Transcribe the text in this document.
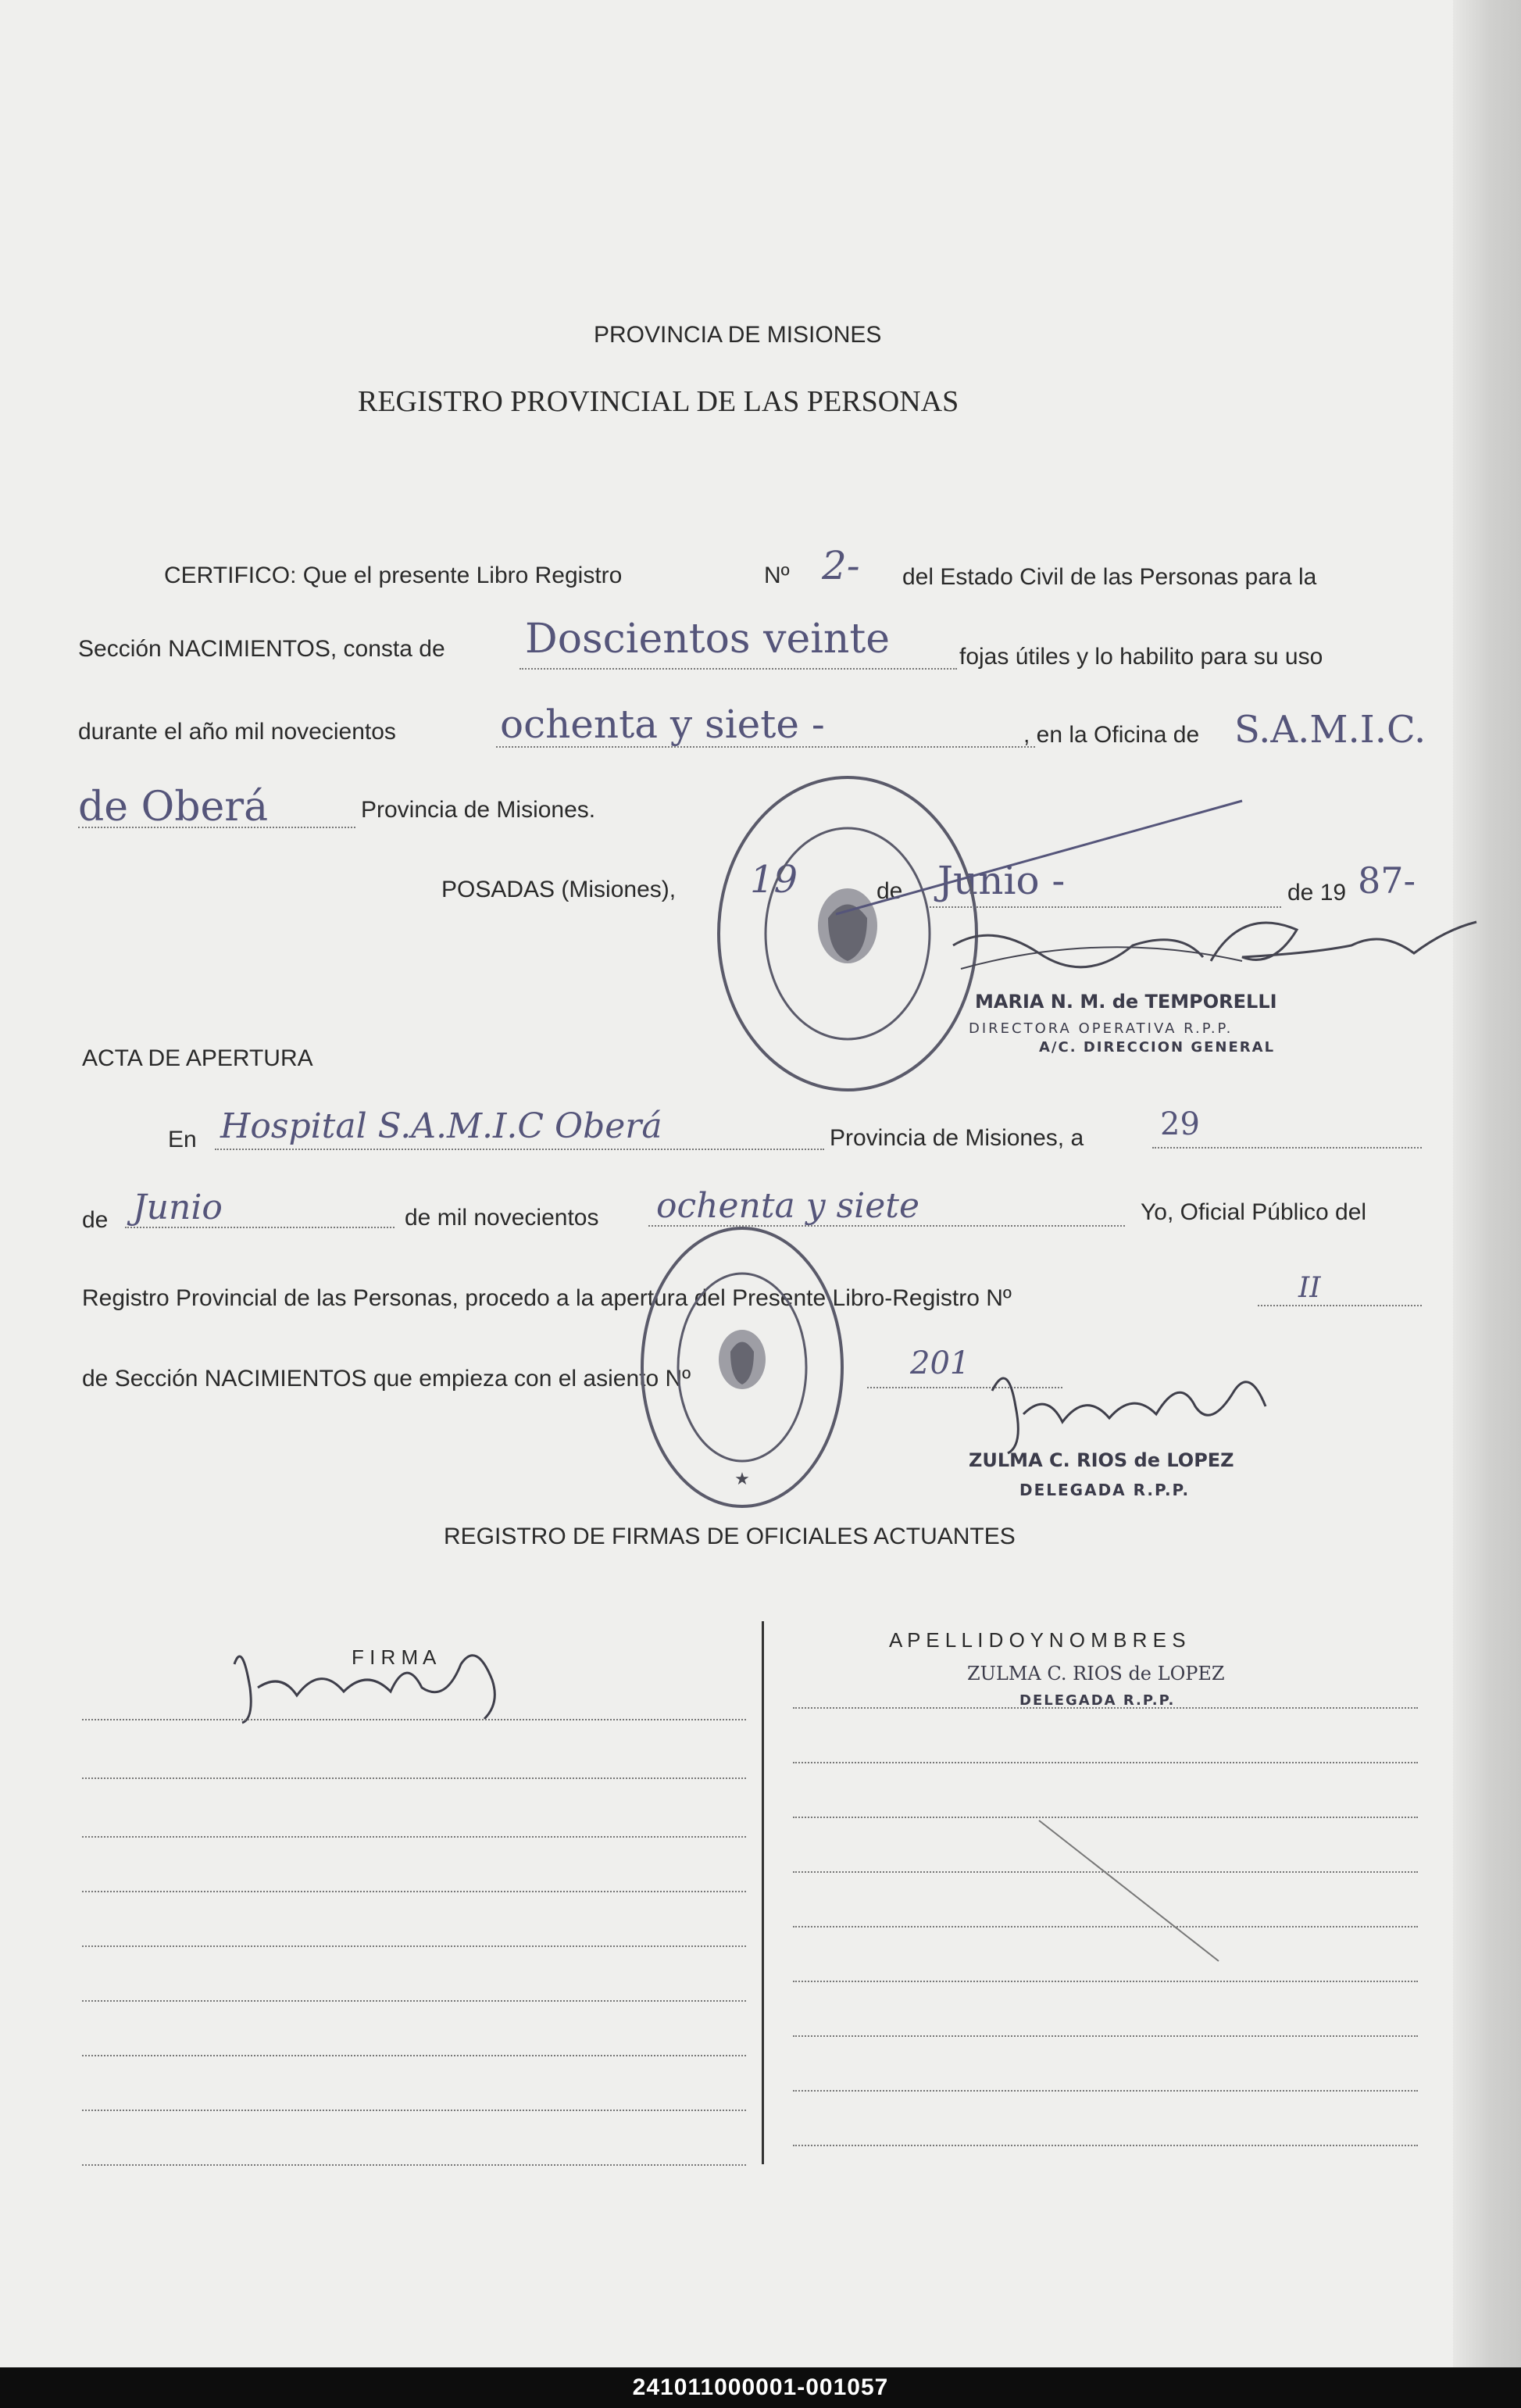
PROVINCIA DE MISIONES
REGISTRO PROVINCIAL DE LAS PERSONAS
CERTIFICO: Que el presente Libro Registro	Nº 2- del Estado Civil de las Personas para la
Sección NACIMIENTOS, consta de Doscientos veinte	fojas útiles y lo habilito para su uso
durante el año mil novecientos	ochenta y siete -	, en la Oficina de S.A.M.I.C.
de Oberá	Provincia de Misiones.
POSADAS (Misiones), 19	de Junio -	de 19 87-
MARIA N. M. de TEMPORELLI
DIRECTORA OPERATIVA R.P.P.
A/C. DIRECCION GENERAL
ACTA DE APERTURA
En Hospital S.A.M.I.C Oberá	Provincia de Misiones, a 29
de Junio	de mil novecientos ochenta y siete	Yo, Oficial Público del
Registro Provincial de las Personas, procedo a la apertura del Presente Libro-Registro Nº	II
de Sección NACIMIENTOS que empieza con el asiento Nº	201
★
ZULMA C. RIOS de LOPEZ
DELEGADA R.P.P.
REGISTRO DE FIRMAS DE OFICIALES ACTUANTES
F I R M A
A P E L L I D O Y N O M B R E S
ZULMA C. RIOS de LOPEZ
DELEGADA R.P.P.
241011000001-001057
